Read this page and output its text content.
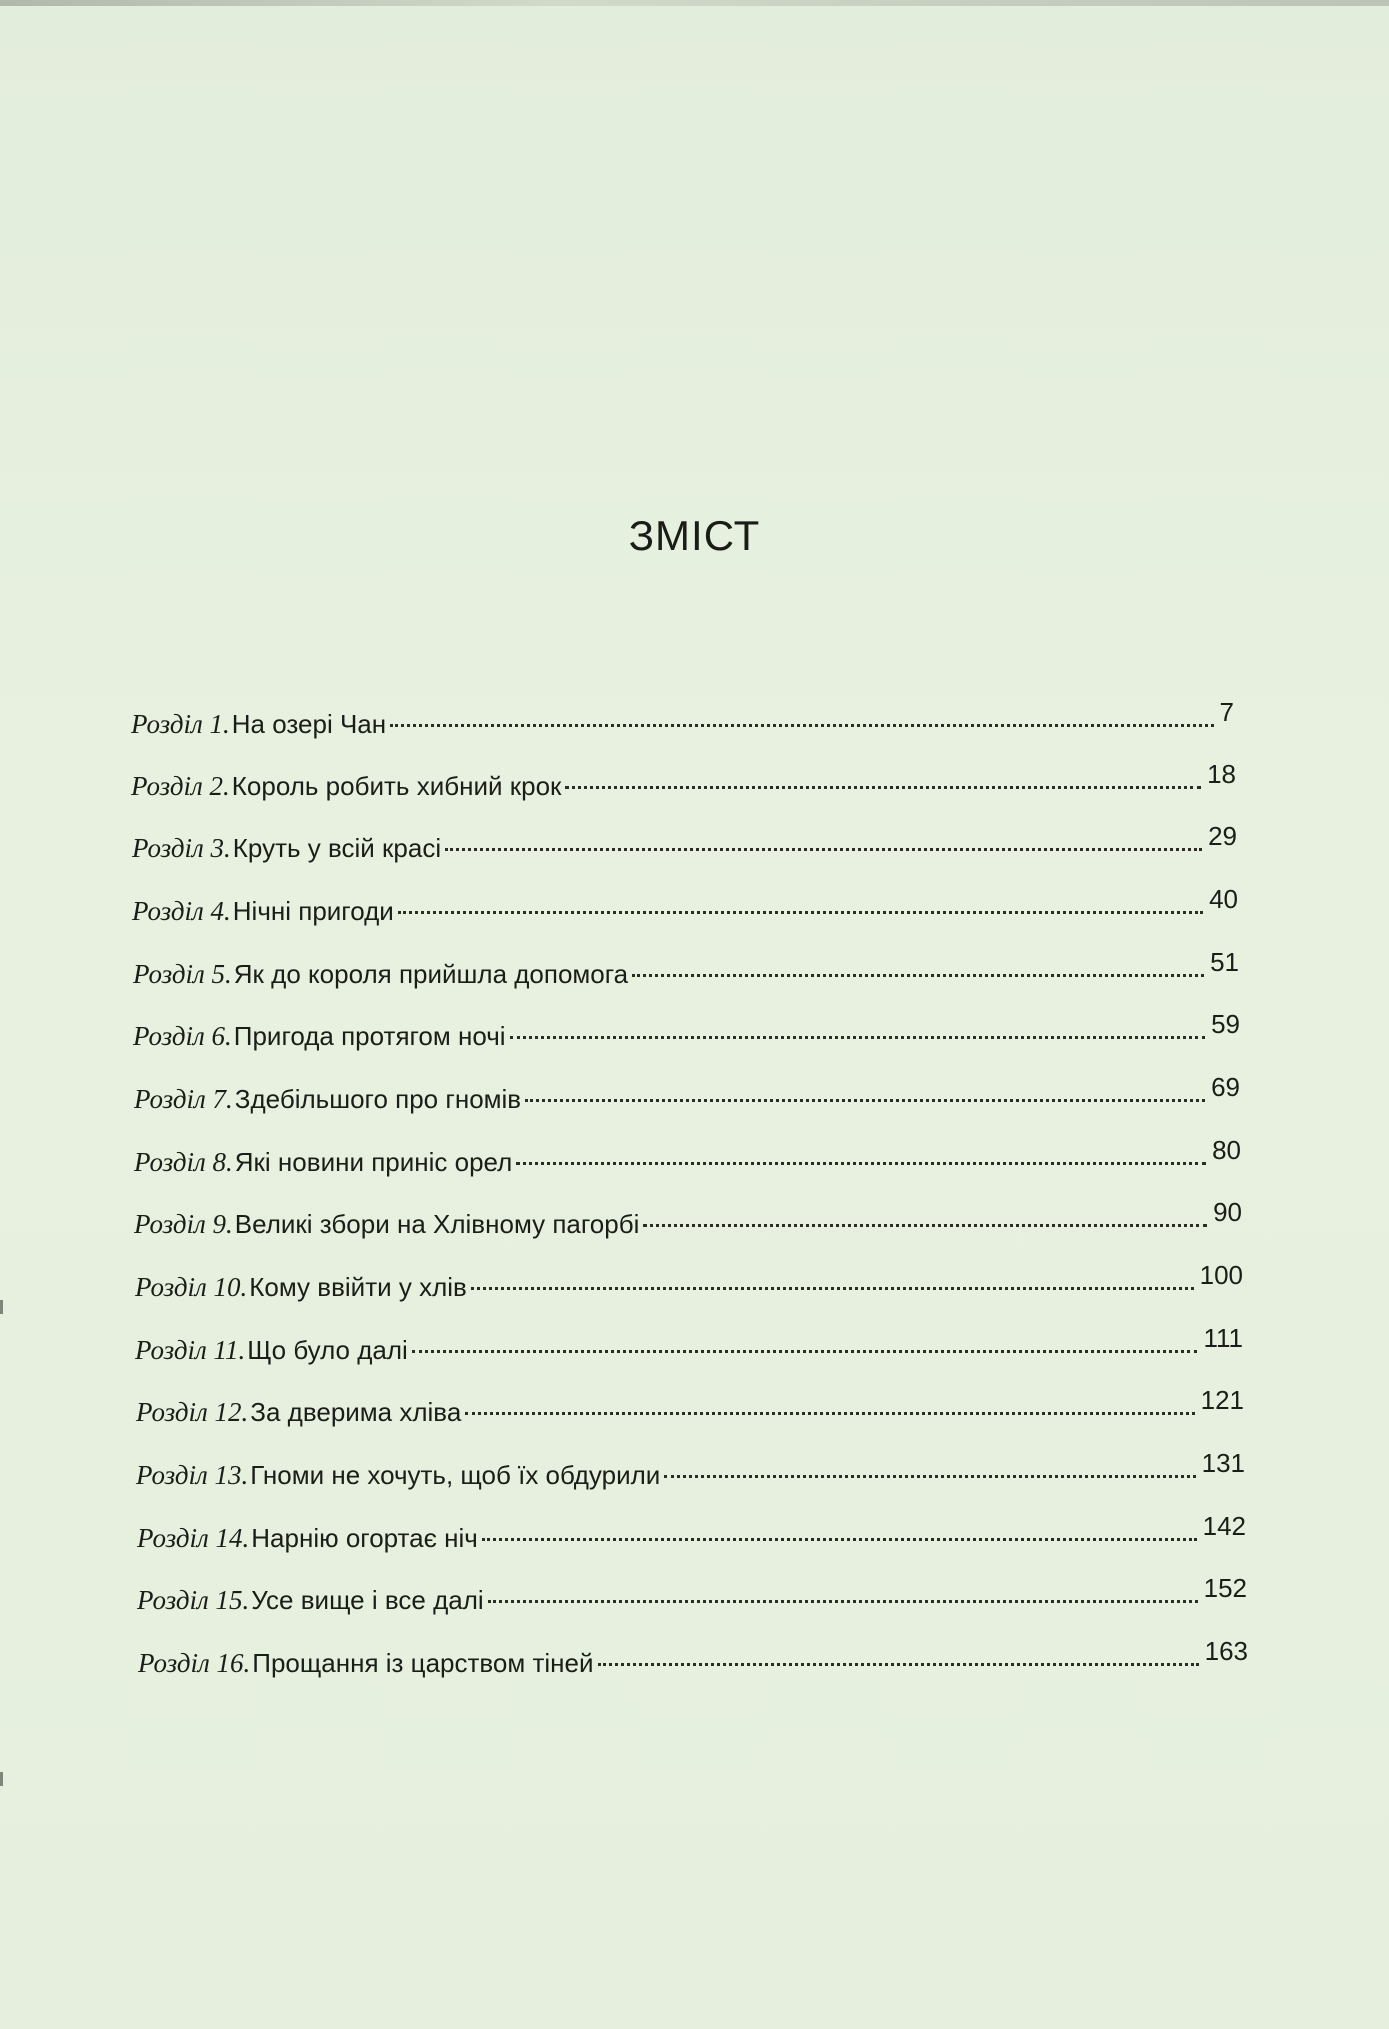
ЗМІСТ
Розділ 1. На озері Чан	7
Розділ 2. Король робить хибний крок	18
Розділ 3. Круть у всій красі	29
Розділ 4. Нічні пригоди	40
Розділ 5. Як до короля прийшла допомога	51
Розділ 6. Пригода протягом ночі	59
Розділ 7. Здебільшого про гномів	69
Розділ 8. Які новини приніс орел	80
Розділ 9. Великі збори на Хлівному пагорбі	90
Розділ 10. Кому ввійти у хлів	100
Розділ 11. Що було далі	111
Розділ 12. За дверима хліва	121
Розділ 13. Гноми не хочуть, щоб їх обдурили	131
Розділ 14. Нарнію огортає ніч	142
Розділ 15. Усе вище і все далі	152
Розділ 16. Прощання із царством тіней	163
